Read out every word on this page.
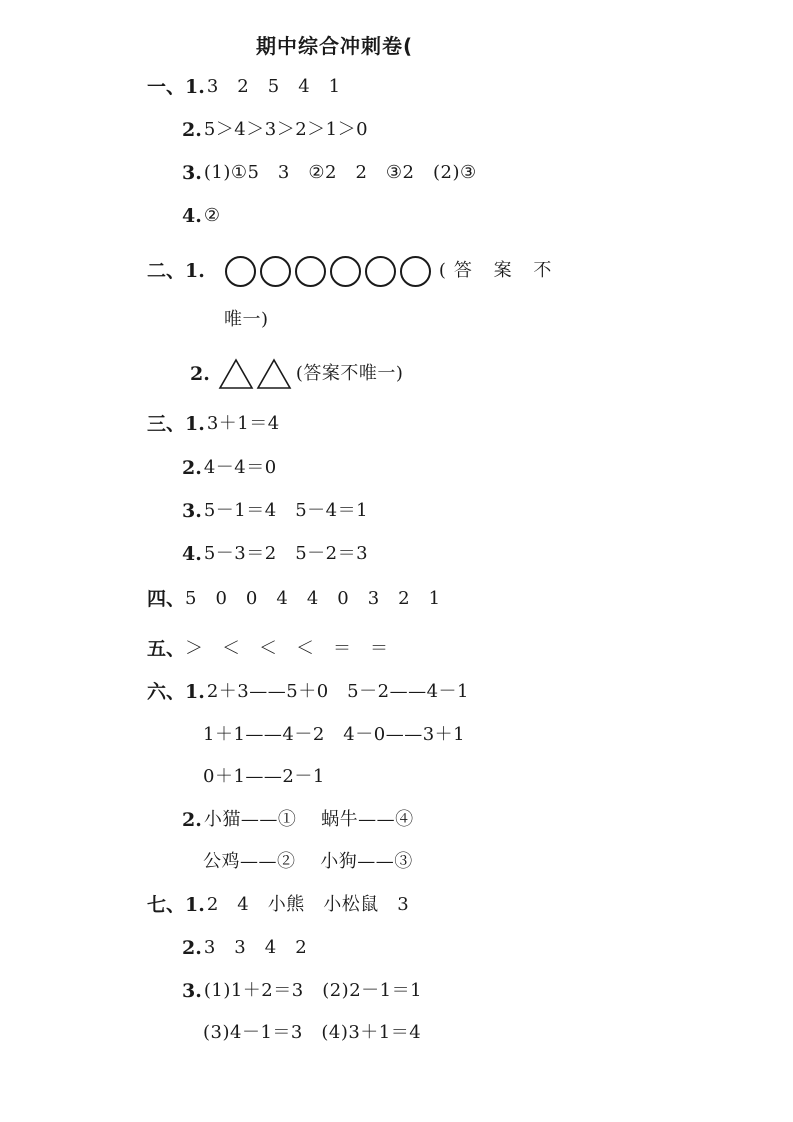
期中综合冲刺卷(
一、 1. 3　2　5　4　1
2. 5＞4＞3＞2＞1＞0
3. (1)①5　3　②2　2　③2　(2)③
4. ②
二、 1.	(答 案 不
唯一)
2.	(答案不唯一)
三、 1. 3＋1＝4
2. 4－4＝0
3. 5－1＝4　5－4＝1
4. 5－3＝2　5－2＝3
四、 5　0　0　4　4　0　3　2　1
五、 ＞　＜　＜　＜　＝　＝
六、 1. 2＋3——5＋0　5－2——4－1
1＋1——4－2　4－0——3＋1
0＋1——2－1
2. 小猫——①　 蜗牛——④
公鸡——②　 小狗——③
七、 1. 2　4　小熊　小松鼠　3
2. 3　3　4　2
3. (1)1＋2＝3　(2)2－1＝1
(3)4－1＝3　(4)3＋1＝4
